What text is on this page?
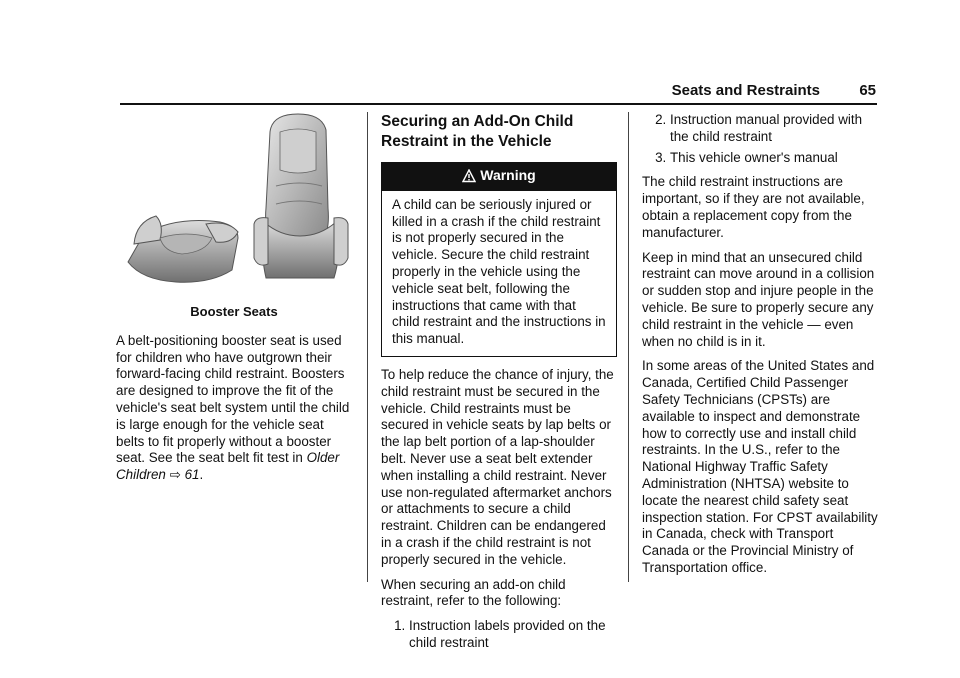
Seats and Restraints	65
Booster Seats

A belt-positioning booster seat is used for children who have outgrown their forward-facing child restraint. Boosters are designed to improve the fit of the vehicle's seat belt system until the child is large enough for the vehicle seat belts to fit properly without a booster seat. See the seat belt fit test in Older Children ⇨ 61.

Securing an Add-On Child Restraint in the Vehicle
Warning
A child can be seriously injured or killed in a crash if the child restraint is not properly secured in the vehicle. Secure the child restraint properly in the vehicle using the vehicle seat belt, following the instructions that came with that child restraint and the instructions in this manual.

To help reduce the chance of injury, the child restraint must be secured in the vehicle. Child restraints must be secured in vehicle seats by lap belts or the lap belt portion of a lap-shoulder belt. Never use a seat belt extender when installing a child restraint. Never use non-regulated aftermarket anchors or attachments to secure a child restraint. Children can be endangered in a crash if the child restraint is not properly secured in the vehicle.

When securing an add-on child restraint, refer to the following:

1. Instruction labels provided on the child restraint
2. Instruction manual provided with the child restraint
3. This vehicle owner's manual

The child restraint instructions are important, so if they are not available, obtain a replacement copy from the manufacturer.

Keep in mind that an unsecured child restraint can move around in a collision or sudden stop and injure people in the vehicle. Be sure to properly secure any child restraint in the vehicle — even when no child is in it.

In some areas of the United States and Canada, Certified Child Passenger Safety Technicians (CPSTs) are available to inspect and demonstrate how to correctly use and install child restraints. In the U.S., refer to the National Highway Traffic Safety Administration (NHTSA) website to locate the nearest child safety seat inspection station. For CPST availability in Canada, check with Transport Canada or the Provincial Ministry of Transportation office.
